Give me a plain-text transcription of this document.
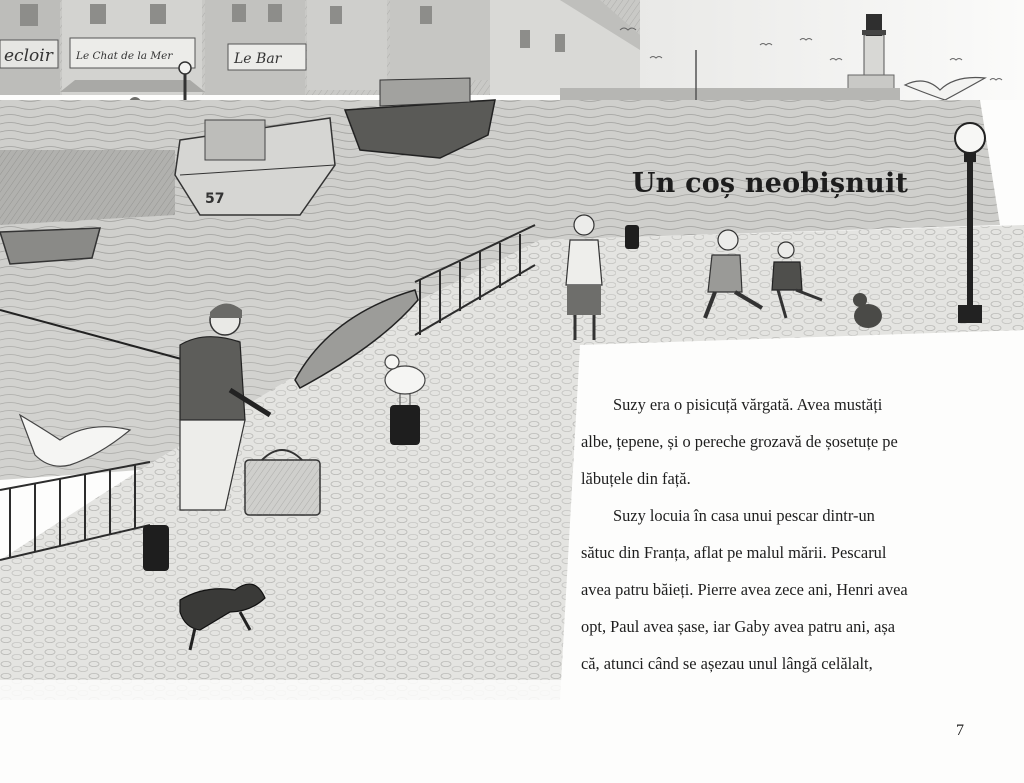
ecloir Le Chat de la Mer	Le Bar
57	Un coș neobișnuit

Suzy era o pisicuță vărgată. Avea mustăți

albe, țepene, și o pereche grozavă de șosetuțe pe

lăbuțele din față.

Suzy locuia în casa unui pescar dintr-un

sătuc din Franța, aflat pe malul mării. Pescarul

avea patru băieți. Pierre avea zece ani, Henri avea

opt, Paul avea șase, iar Gaby avea patru ani, așa

că, atunci când se așezau unul lângă celălalt,

7
